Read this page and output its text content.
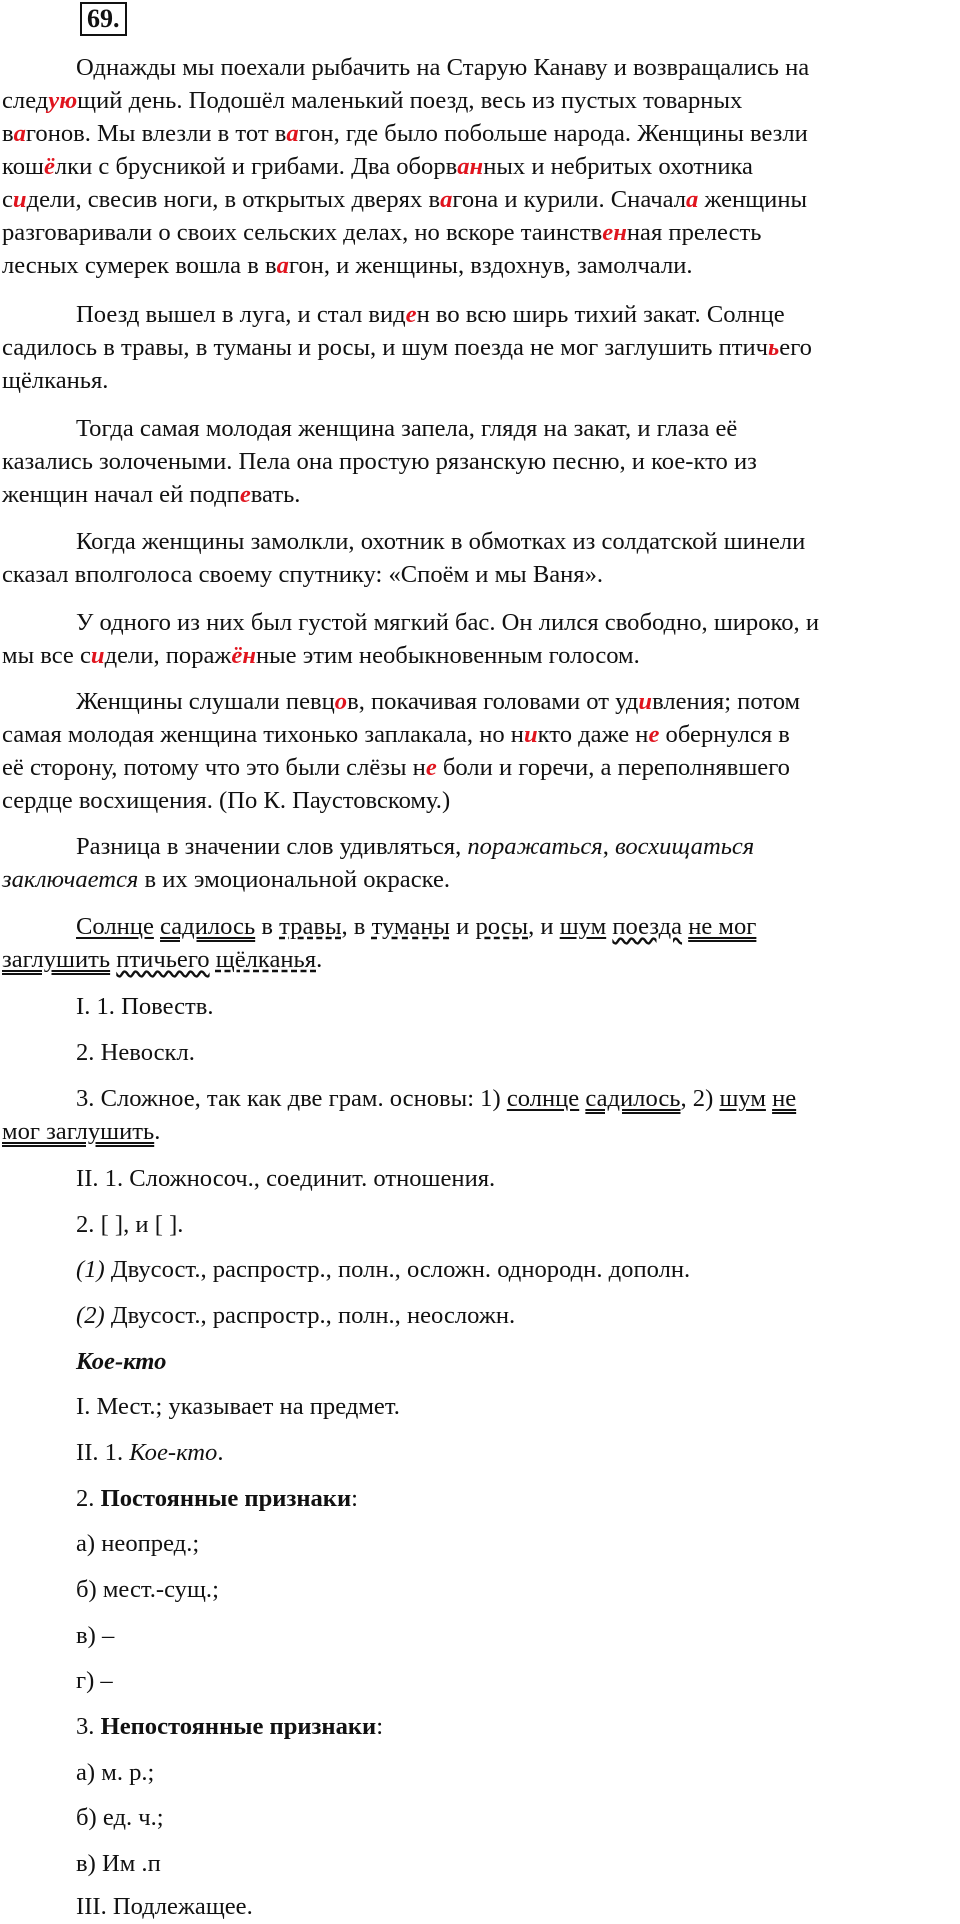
69.
Однажды мы поехали рыбачить на Старую Канаву и возвращались на
следующий день. Подошёл маленький поезд, весь из пустых товарных
вагонов. Мы влезли в тот вагон, где было побольше народа. Женщины везли
кошёлки с брусникой и грибами. Два оборванных и небритых охотника
сидели, свесив ноги, в открытых дверях вагона и курили. Сначала женщины
разговаривали о своих сельских делах, но вскоре таинственная прелесть
лесных сумерек вошла в вагон, и женщины, вздохнув, замолчали.
Поезд вышел в луга, и стал виден во всю ширь тихий закат. Солнце
садилось в травы, в туманы и росы, и шум поезда не мог заглушить птичьего
щёлканья.
Тогда самая молодая женщина запела, глядя на закат, и глаза её
казались золочеными. Пела она простую рязанскую песню, и кое-кто из
женщин начал ей подпевать.
Когда женщины замолкли, охотник в обмотках из солдатской шинели
сказал вполголоса своему спутнику: «Споём и мы Ваня».
У одного из них был густой мягкий бас. Он лился свободно, широко, и
мы все сидели, поражённые этим необыкновенным голосом.
Женщины слушали певцов, покачивая головами от удивления; потом
самая молодая женщина тихонько заплакала, но никто даже не обернулся в
её сторону, потому что это были слёзы не боли и горечи, а переполнявшего
сердце восхищения. (По К. Паустовскому.)
Разница в значении слов удивляться, поражаться, восхищаться
заключается в их эмоциональной окраске.
Солнце садилось в травы, в туманы и росы, и шум поезда не мог
заглушить птичьего щёлканья.
I. 1. Повеств.
2. Невоскл.
3. Сложное, так как две грам. основы: 1) солнце садилось, 2) шум не
мог заглушить.
II. 1. Сложносоч., соединит. отношения.
2. [ ], и [ ].
(1) Двусост., распростр., полн., осложн. однородн. дополн.
(2) Двусост., распростр., полн., неосложн.
Кое-кто
I. Мест.; указывает на предмет.
II. 1. Кое-кто.
2. Постоянные признаки:
а) неопред.;
б) мест.-сущ.;
в) –
г) –
3. Непостоянные признаки:
а) м. р.;
б) ед. ч.;
в) Им .п
III. Подлежащее.
